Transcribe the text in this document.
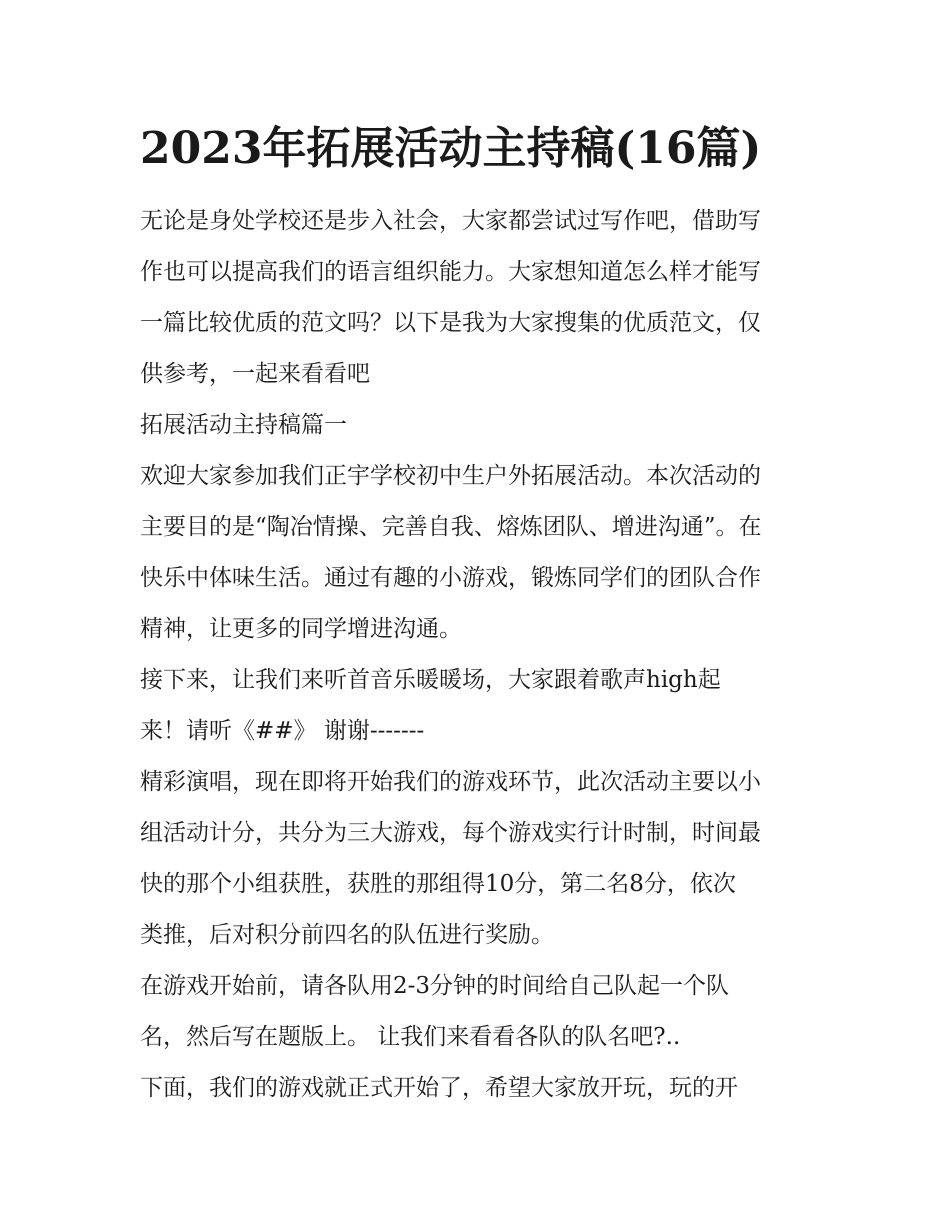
2023年拓展活动主持稿(16篇)
无论是身处学校还是步入社会，大家都尝试过写作吧，借助写
作也可以提高我们的语言组织能力。大家想知道怎么样才能写
一篇比较优质的范文吗？以下是我为大家搜集的优质范文，仅
供参考，一起来看看吧
拓展活动主持稿篇一
欢迎大家参加我们正宇学校初中生户外拓展活动。本次活动的
主要目的是“陶冶情操、完善自我、熔炼团队、增进沟通”。在
快乐中体味生活。通过有趣的小游戏，锻炼同学们的团队合作
精神，让更多的同学增进沟通。
接下来，让我们来听首音乐暖暖场，大家跟着歌声high起
来！请听《##》 谢谢-------
精彩演唱，现在即将开始我们的游戏环节，此次活动主要以小
组活动计分，共分为三大游戏，每个游戏实行计时制，时间最
快的那个小组获胜，获胜的那组得10分，第二名8分，依次
类推，后对积分前四名的队伍进行奖励。
在游戏开始前，请各队用2-3分钟的时间给自己队起一个队
名，然后写在题版上。 让我们来看看各队的队名吧?..
下面，我们的游戏就正式开始了，希望大家放开玩，玩的开
